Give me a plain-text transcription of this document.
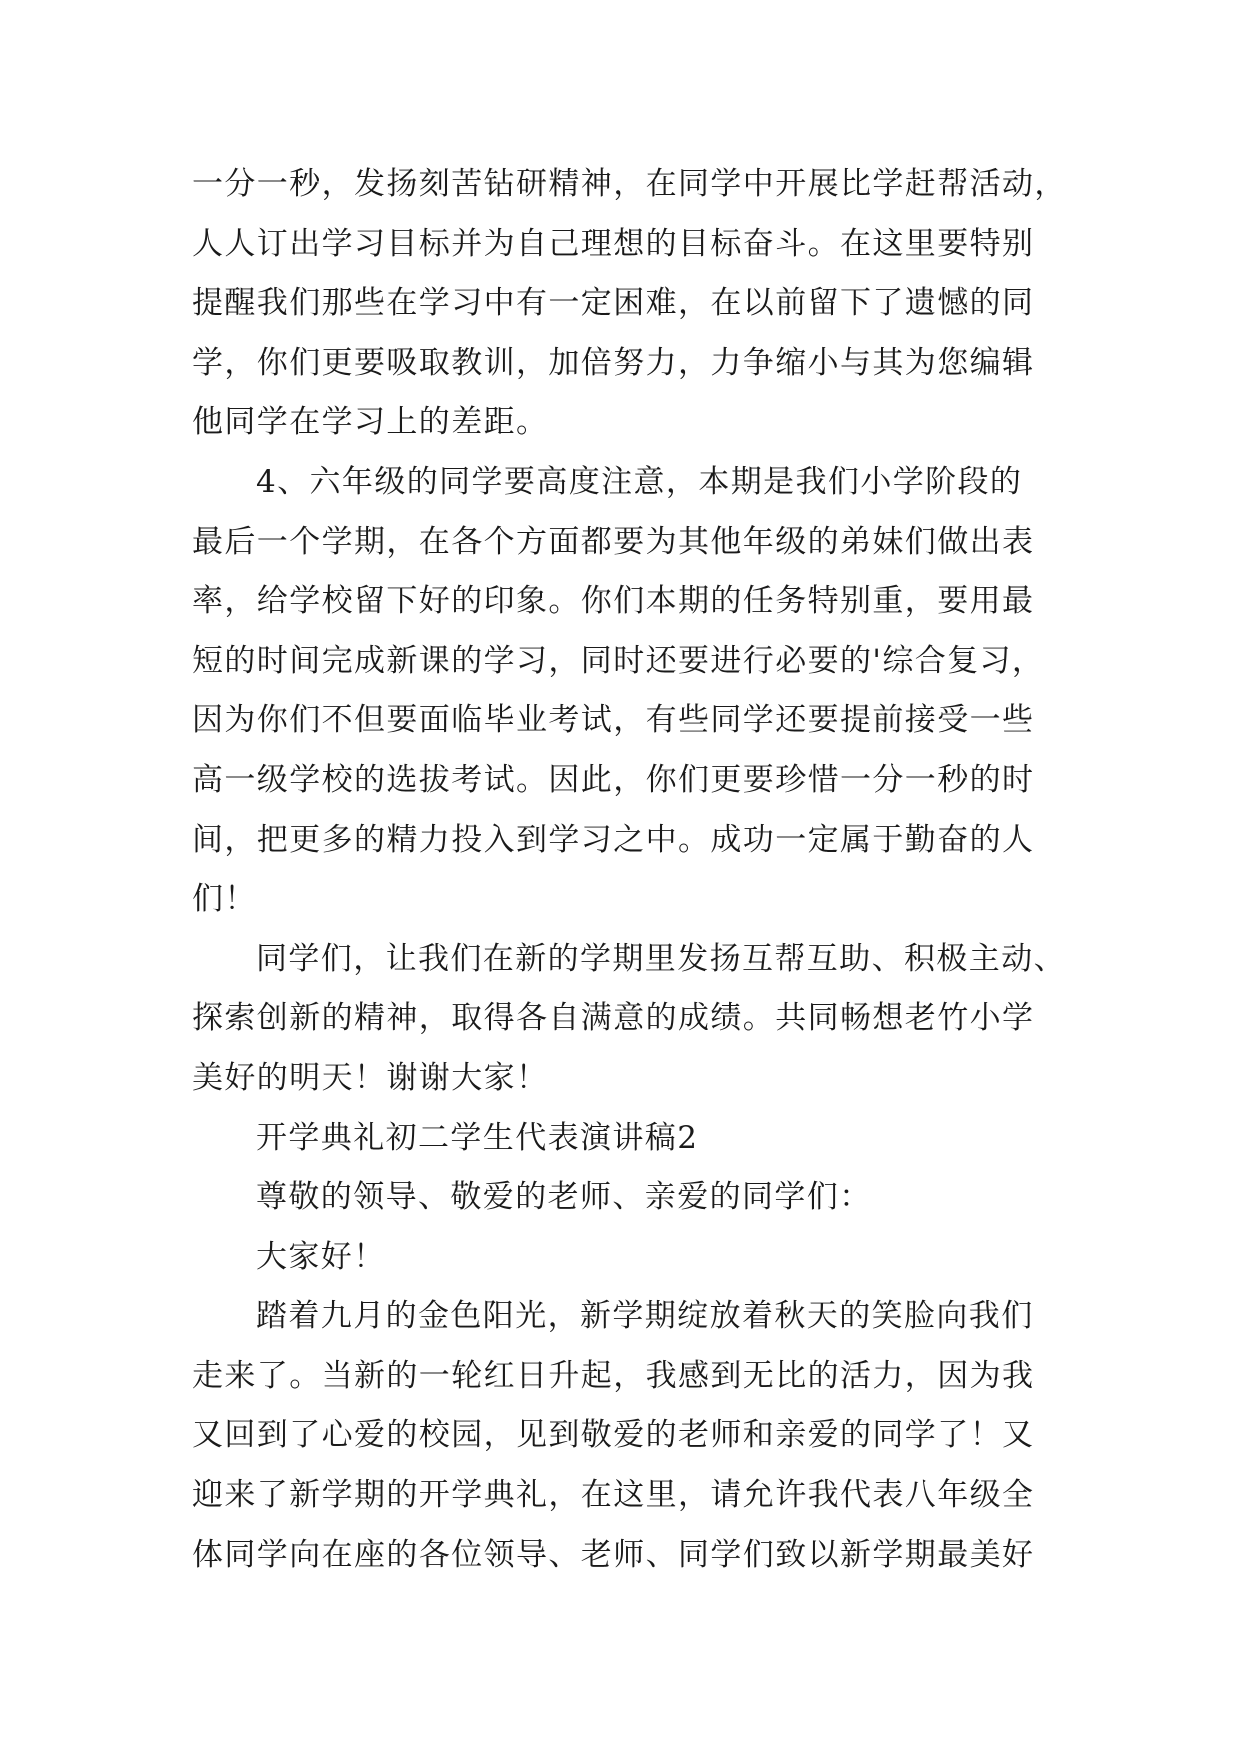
一分一秒，发扬刻苦钻研精神，在同学中开展比学赶帮活动，
人人订出学习目标并为自己理想的目标奋斗。在这里要特别
提醒我们那些在学习中有一定困难，在以前留下了遗憾的同
学，你们更要吸取教训，加倍努力，力争缩小与其为您编辑
他同学在学习上的差距。
4、六年级的同学要高度注意，本期是我们小学阶段的
最后一个学期，在各个方面都要为其他年级的弟妹们做出表
率，给学校留下好的印象。你们本期的任务特别重，要用最
短的时间完成新课的学习，同时还要进行必要的'综合复习，
因为你们不但要面临毕业考试，有些同学还要提前接受一些
高一级学校的选拔考试。因此，你们更要珍惜一分一秒的时
间，把更多的精力投入到学习之中。成功一定属于勤奋的人
们！
同学们，让我们在新的学期里发扬互帮互助、积极主动、
探索创新的精神，取得各自满意的成绩。共同畅想老竹小学
美好的明天！谢谢大家！
开学典礼初二学生代表演讲稿2
尊敬的领导、敬爱的老师、亲爱的同学们：
大家好！
踏着九月的金色阳光，新学期绽放着秋天的笑脸向我们
走来了。当新的一轮红日升起，我感到无比的活力，因为我
又回到了心爱的校园，见到敬爱的老师和亲爱的同学了！又
迎来了新学期的开学典礼，在这里，请允许我代表八年级全
体同学向在座的各位领导、老师、同学们致以新学期最美好
